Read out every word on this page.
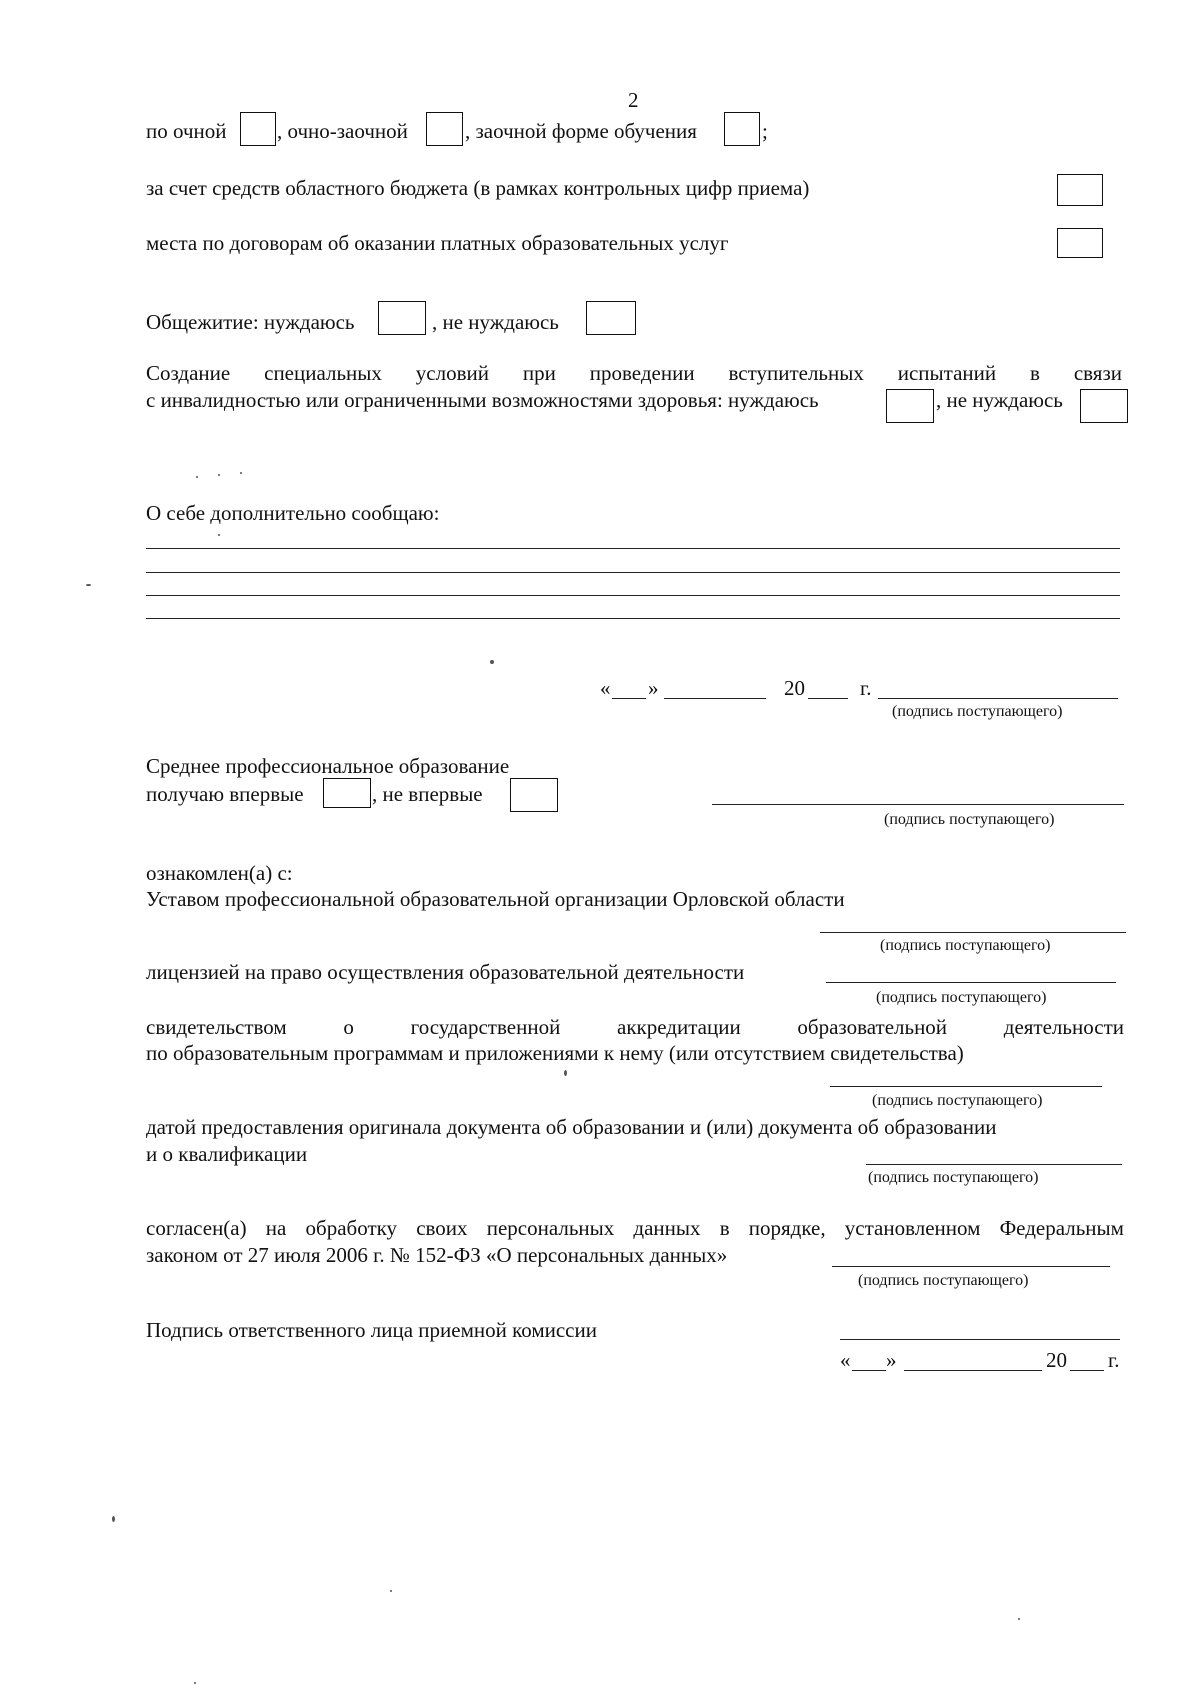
2
по очной , очно-заочной	, заочной форме обучения	;
за счет средств областного бюджета (в рамках контрольных цифр приема)
места по договорам об оказании платных образовательных услуг
Общежитие: нуждаюсь	, не нуждаюсь
Создание специальных условий при проведении вступительных испытаний в связи
с инвалидностью или ограниченными возможностями здоровья: нуждаюсь	, не нуждаюсь
О себе дополнительно сообщаю:
« »	20	г.
(подпись поступающего)
Среднее профессиональное образование
получаю впервые	, не впервые
(подпись поступающего)
ознакомлен(а) с:
Уставом профессиональной образовательной организации Орловской области
(подпись поступающего)
лицензией на право осуществления образовательной деятельности
(подпись поступающего)
свидетельством	о	государственной	аккредитации	образовательной	деятельности
по образовательным программам и приложениями к нему (или отсутствием свидетельства)
(подпись поступающего)
датой предоставления оригинала документа об образовании и (или) документа об образовании
и о квалификации
(подпись поступающего)
согласен(а) на обработку своих персональных данных в порядке, установленном Федеральным
законом от 27 июля 2006 г. № 152-ФЗ «О персональных данных»
(подпись поступающего)
Подпись ответственного лица приемной комиссии
« »	20 г.
